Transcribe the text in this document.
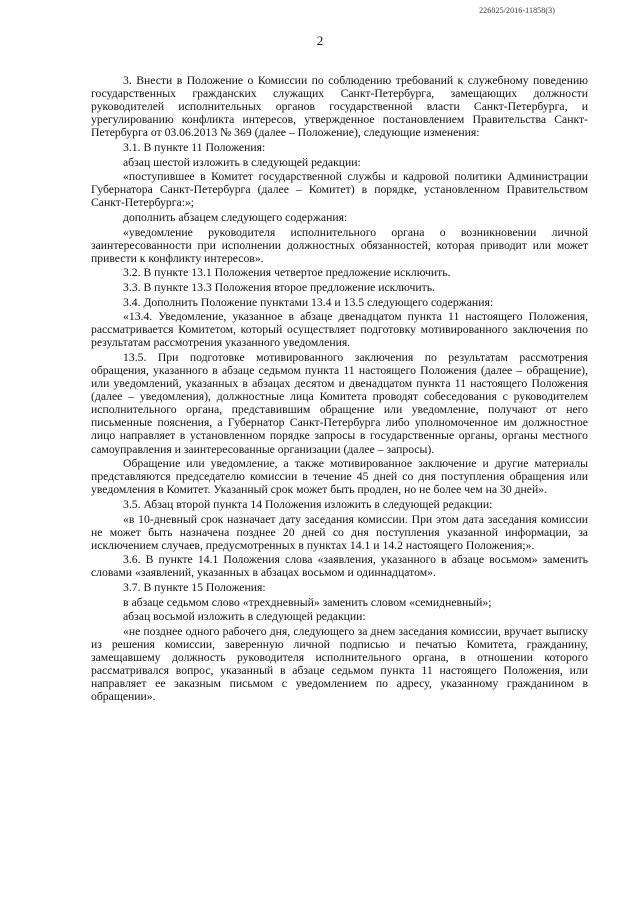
226025/2016-11858(3)
2

3. Внести в Положение о Комиссии по соблюдению требований к служебному поведению государственных гражданских служащих Санкт-Петербурга, замещающих должности руководителей исполнительных органов государственной власти Санкт-Петербурга, и урегулированию конфликта интересов, утвержденное постановлением Правительства Санкт-Петербурга от 03.06.2013 № 369 (далее – Положение), следующие изменения:

3.1. В пункте 11 Положения:

абзац шестой изложить в следующей редакции:

«поступившее в Комитет государственной службы и кадровой политики Администрации Губернатора Санкт-Петербурга (далее – Комитет) в порядке, установленном Правительством Санкт-Петербурга:»;

дополнить абзацем следующего содержания:

«уведомление руководителя исполнительного органа о возникновении личной заинтересованности при исполнении должностных обязанностей, которая приводит или может привести к конфликту интересов».

3.2. В пункте 13.1 Положения четвертое предложение исключить.

3.3. В пункте 13.3 Положения второе предложение исключить.

3.4. Дополнить Положение пунктами 13.4 и 13.5 следующего содержания:

«13.4. Уведомление, указанное в абзаце двенадцатом пункта 11 настоящего Положения, рассматривается Комитетом, который осуществляет подготовку мотивированного заключения по результатам рассмотрения указанного уведомления.

13.5. При подготовке мотивированного заключения по результатам рассмотрения обращения, указанного в абзаце седьмом пункта 11 настоящего Положения (далее – обращение), или уведомлений, указанных в абзацах десятом и двенадцатом пункта 11 настоящего Положения (далее – уведомления), должностные лица Комитета проводят собеседования с руководителем исполнительного органа, представившим обращение или уведомление, получают от него письменные пояснения, а Губернатор Санкт-Петербурга либо уполномоченное им должностное лицо направляет в установленном порядке запросы в государственные органы, органы местного самоуправления и заинтересованные организации (далее – запросы).

Обращение или уведомление, а также мотивированное заключение и другие материалы представляются председателю комиссии в течение 45 дней со дня поступления обращения или уведомления в Комитет. Указанный срок может быть продлен, но не более чем на 30 дней».

3.5. Абзац второй пункта 14 Положения изложить в следующей редакции:

«в 10-дневный срок назначает дату заседания комиссии. При этом дата заседания комиссии не может быть назначена позднее 20 дней со дня поступления указанной информации, за исключением случаев, предусмотренных в пунктах 14.1 и 14.2 настоящего Положения;».

3.6. В пункте 14.1 Положения слова «заявления, указанного в абзаце восьмом» заменить словами «заявлений, указанных в абзацах восьмом и одиннадцатом».

3.7. В пункте 15 Положения:

в абзаце седьмом слово «трехдневный» заменить словом «семидневный»;

абзац восьмой изложить в следующей редакции:

«не позднее одного рабочего дня, следующего за днем заседания комиссии, вручает выписку из решения комиссии, заверенную личной подписью и печатью Комитета, гражданину, замещавшему должность руководителя исполнительного органа, в отношении которого рассматривался вопрос, указанный в абзаце седьмом пункта 11 настоящего Положения, или направляет ее заказным письмом с уведомлением по адресу, указанному гражданином в обращении».
